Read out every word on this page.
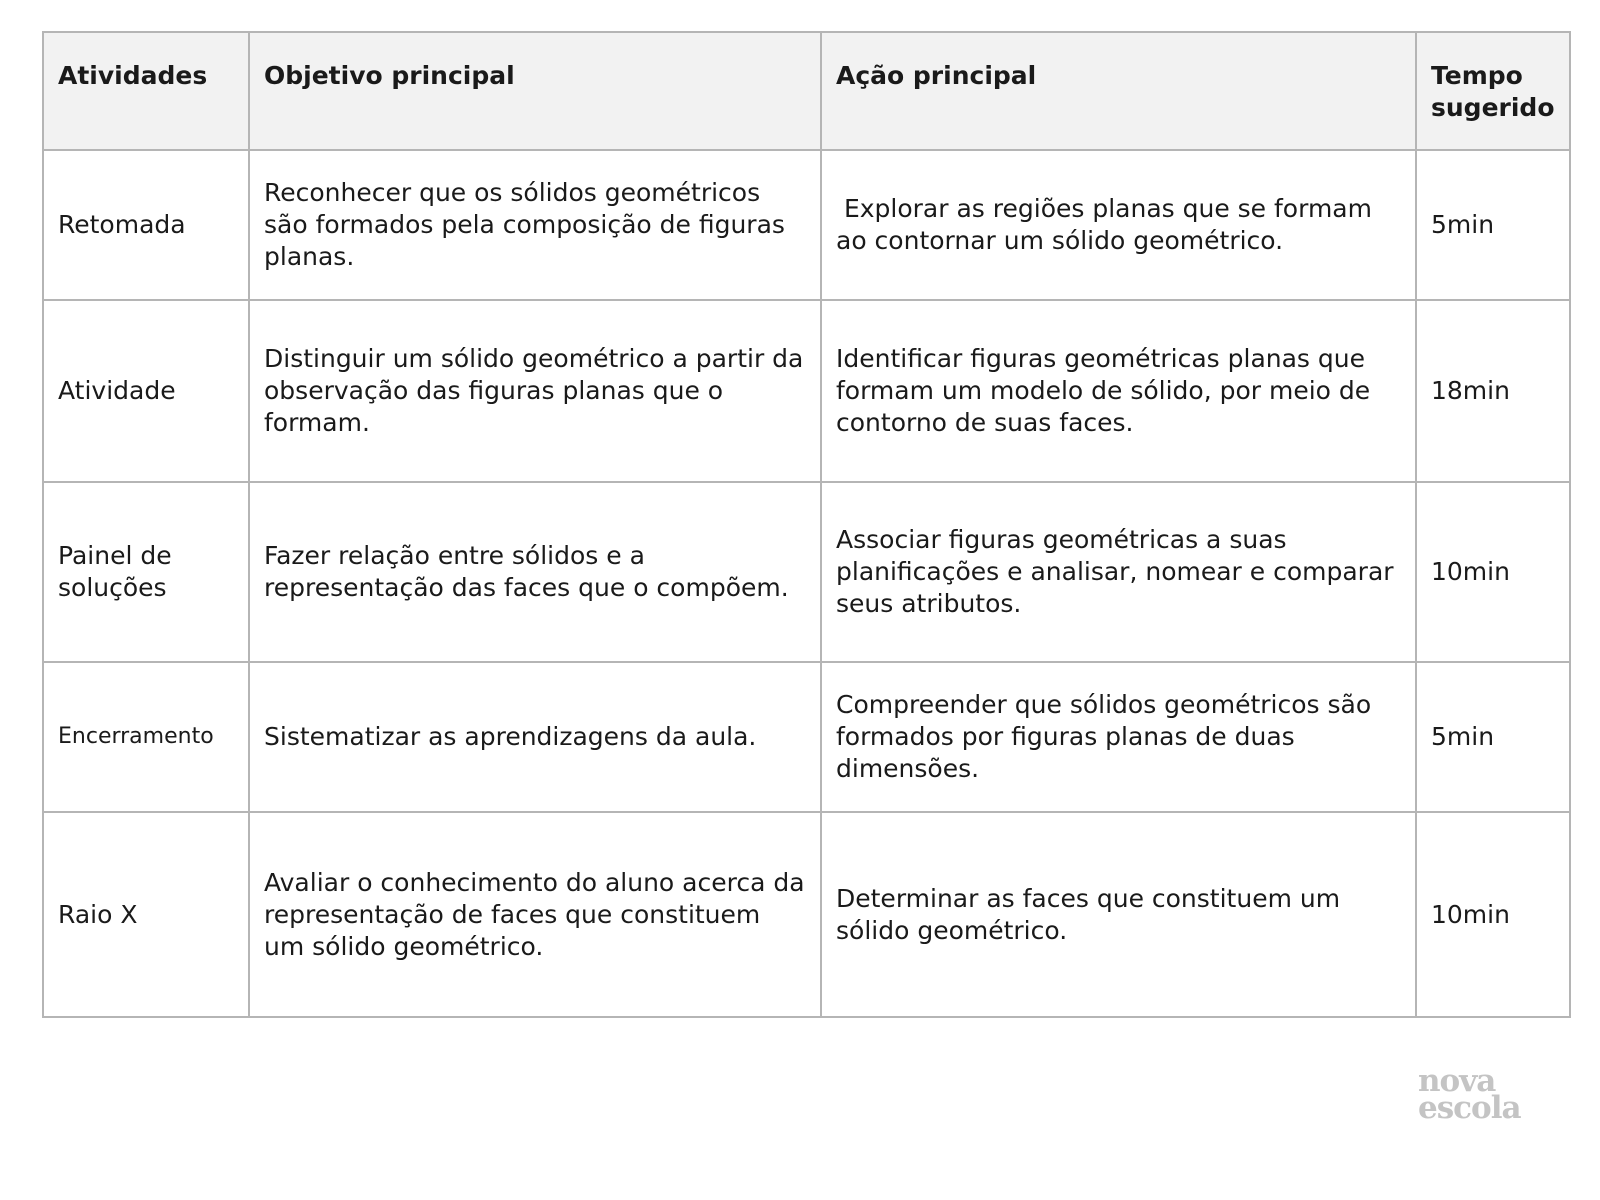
Atividades	Objetivo principal	Ação principal	Tempo sugerido
Retomada	Reconhecer que os sólidos geométricos são formados pela composição de figuras planas.	Explorar as regiões planas que se formam ao contornar um sólido geométrico.	5min
Atividade	Distinguir um sólido geométrico a partir da observação das figuras planas que o formam.	Identificar figuras geométricas planas que formam um modelo de sólido, por meio de contorno de suas faces.	18min
Painel de soluções	Fazer relação entre sólidos e a representação das faces que o compõem.	Associar figuras geométricas a suas planificações e analisar, nomear e comparar seus atributos.	10min
Encerramento	Sistematizar as aprendizagens da aula.	Compreender que sólidos geométricos são formados por figuras planas de duas dimensões.	5min
Raio X	Avaliar o conhecimento do aluno acerca da representação de faces que constituem um sólido geométrico.	Determinar as faces que constituem um sólido geométrico.	10min
nova
escola
